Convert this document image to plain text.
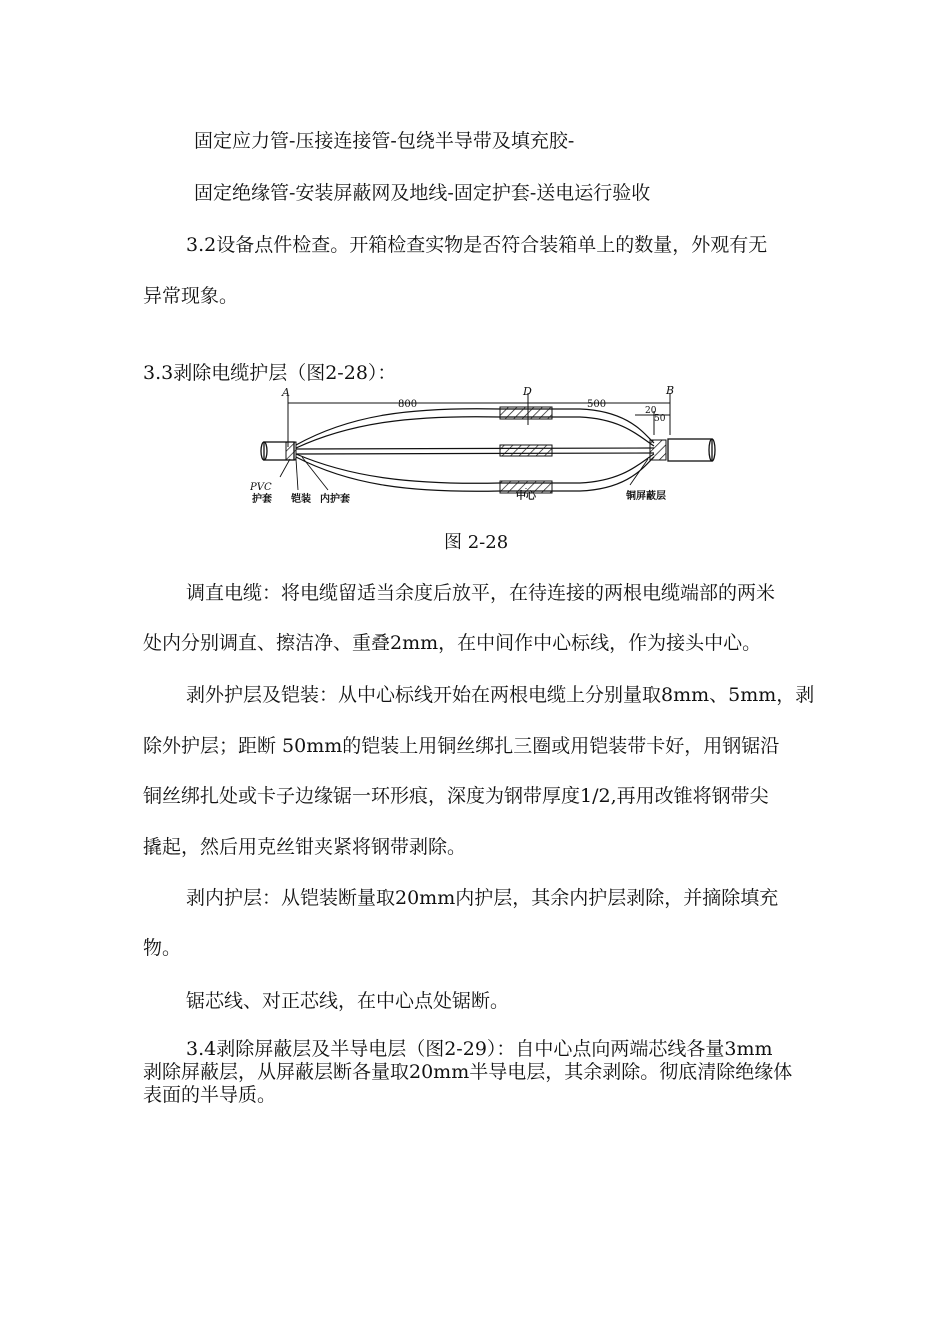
固定应力管-压接连接管-包绕半导带及填充胶-
固定绝缘管-安装屏蔽网及地线-固定护套-送电运行验收
3.2设备点件检查。开箱检查实物是否符合装箱单上的数量，外观有无
异常现象。
3.3剥除电缆护层（图2-28）：
A	D	B
800	500
20
50
PVC
护套 铠装 内护套	中心	铜屏蔽层
图 2-28
调直电缆：将电缆留适当余度后放平，在待连接的两根电缆端部的两米
处内分别调直、擦洁净、重叠2mm，在中间作中心标线，作为接头中心。
剥外护层及铠装：从中心标线开始在两根电缆上分别量取8mm、5mm，剥
除外护层；距断 50mm的铠装上用铜丝绑扎三圈或用铠装带卡好，用钢锯沿
铜丝绑扎处或卡子边缘锯一环形痕，深度为钢带厚度1/2,再用改锥将钢带尖
撬起，然后用克丝钳夹紧将钢带剥除。
剥内护层：从铠装断量取20mm内护层，其余内护层剥除，并摘除填充
物。
锯芯线、对正芯线，在中心点处锯断。
3.4剥除屏蔽层及半导电层（图2-29）：自中心点向两端芯线各量3mm
剥除屏蔽层，从屏蔽层断各量取20mm半导电层，其余剥除。彻底清除绝缘体
表面的半导质。
